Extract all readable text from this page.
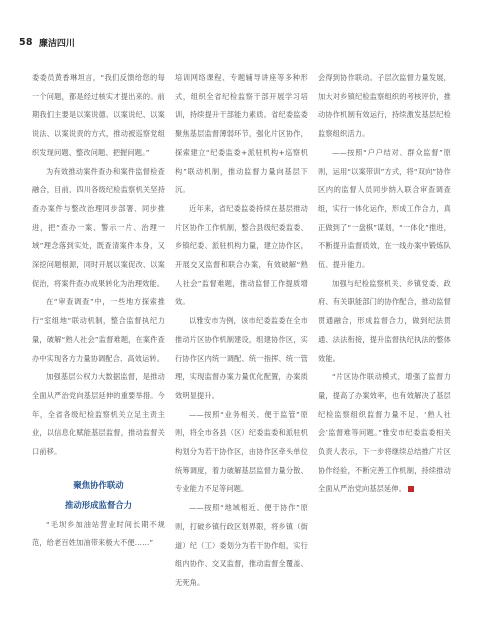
58 廉洁四川

委委员黄香琳坦言，“我们反馈给您的每一个问题，都是经过核实才提出来的。前期我们主要是以案说德、以案说纪、以案说法、以案说责的方式，推动被巡察党组织发现问题、整改问题、把握问题。”

为有效推动案件查办和案件监督检查融合，目前，四川各级纪检监察机关坚持查办案件与整改治理同步部署、同步推进，把“查办一案、警示一片、治理一域”理念落到实处，既查清案件本身，又深挖问题根源，同时开展以案促改、以案促治，将案件查办成果转化为治理效能。

在“审查调查”中，一些地方探索推行“室组地”联动机制，整合监督执纪力量，破解“熟人社会”监督难题，在案件查办中实现各方力量协调配合、高效运转。

加强基层公权力大数据监督，是推动全面从严治党向基层延伸的重要举措。今年，全省各级纪检监察机关立足主责主业，以信息化赋能基层监督，推动监督关口前移。

聚焦协作联动
推动形成监督合力

“毛坝乡加油站营业时间长期不规范，给老百姓加油带来极大不便……”

培训网络课程、专题辅导讲座等多种形式，组织全省纪检监察干部开展学习培训，持续提升干部能力素质。省纪委监委聚焦基层监督薄弱环节，强化片区协作，探索建立“纪委监委+派驻机构+巡察机构”联动机制，推动监督力量向基层下沉。

近年来，省纪委监委持续在基层推动片区协作工作机制，整合县级纪委监委、乡镇纪委、派驻机构力量，建立协作区，开展交叉监督和联合办案，有效破解“熟人社会”监督难题，推动监督工作提质增效。

以雅安市为例，该市纪委监委在全市推动片区协作机制建设，组建协作区，实行协作区内统一调配、统一指挥、统一管理，实现监督办案力量优化配置，办案质效明显提升。

——按照“业务相关、便于监管”原则，将全市各县（区）纪委监委和派驻机构划分为若干协作区，由协作区牵头单位统筹调度，着力破解基层监督力量分散、专业能力不足等问题。

——按照“地域相近、便于协作”原则，打破乡镇行政区划界限，将乡镇（街道）纪（工）委划分为若干协作组，实行组内协作、交叉监督，推动监督全覆盖、无死角。

会得到协作联动。子层次监督力量发展，加大对乡镇纪检监察组织的考核评价，推动协作机制有效运行，持续激发基层纪检监察组织活力。

——按照“户户结对、群众监督”原则，运用“以案带训”方式，将“双向”协作区内的监督人员同步纳入联合审查调查组，实行一体化运作，形成工作合力，真正做到了“一盘棋”谋划，“一体化”推进，不断提升监督质效，在一线办案中锻炼队伍、提升能力。

加强与纪检监察机关、乡镇党委、政府、有关职能部门的协作配合，推动监督贯通融合，形成监督合力，做到纪法贯通、法法衔接，提升监督执纪执法的整体效能。

“片区协作联动模式，增强了监督力量，提高了办案效率，也有效解决了基层纪检监察组织监督力量不足、‘熟人社会’监督难等问题。”雅安市纪委监委相关负责人表示，下一步将继续总结推广片区协作经验，不断完善工作机制，持续推动全面从严治党向基层延伸。
